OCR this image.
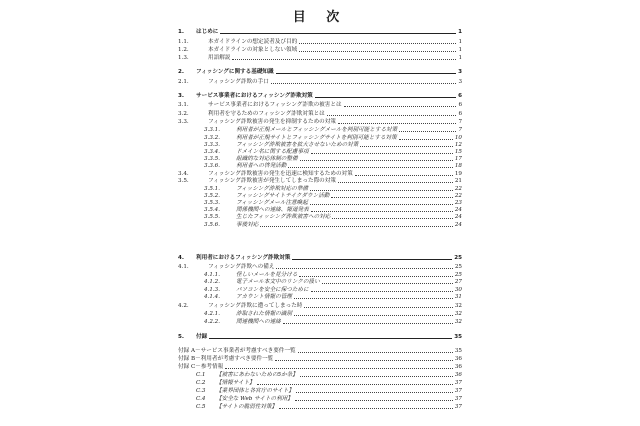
目 次
1.	はじめに	1
1.1.	本ガイドラインの想定読者及び目的	1
1.2.	本ガイドラインの対象としない領域	1
1.3.	用語解説	1
2.	フィッシングに関する基礎知識	3
2.1.	フィッシング詐欺の手口	3
3.	サービス事業者におけるフィッシング詐欺対策	6
3.1.	サービス事業者におけるフィッシング詐欺の被害とは	6
3.2.	利用者を守るためのフィッシング詐欺対策とは	6
3.3.	フィッシング詐欺被害の発生を抑制するための対策	7
3.3.1.	利用者が正規メールとフィッシングメールを判別可能とする対策	7
3.3.2.	利用者が正規サイトとフィッシングサイトを判別可能とする対策	10
3.3.3.	フィッシング詐欺被害を拡大させないための対策	12
3.3.4.	ドメイン名に関する配慮事項	15
3.3.5.	組織的な対応体制の整備	17
3.3.6.	利用者への啓発活動	18
3.4.	フィッシング詐欺被害の発生を迅速に検知するための対策	19
3.5.	フィッシング詐欺被害が発生してしまった際の対策	21
3.5.1.	フィッシング詐欺対応の準備	22
3.5.2.	フィッシングサイトテイクダウン活動	22
3.5.3.	フィッシングメール注意喚起	23
3.5.4.	関係機関への連絡、報道発表	24
3.5.5.	生じたフィッシング詐欺被害への対応	24
3.5.6.	事後対応	24
4.	利用者におけるフィッシング詐欺対策	25
4.1.	フィッシング詐欺への備え	25
4.1.1.	怪しいメールを見分ける	25
4.1.2.	電子メール本文中のリンクの扱い	27
4.1.3.	パソコンを安全に保つために	30
4.1.4.	アカウント情報の管理	31
4.2.	フィッシング詐欺に遭ってしまった時	32
4.2.1.	詐取された情報の識別	32
4.2.2.	関連機関への連絡	32
5.	付録	35
付録 A－サービス事業者が考慮すべき要件一覧	35
付録 B－利用者が考慮すべき要件一覧	36
付録 C－参考情報	36
C.1	【被害にあわないための5か条】	36
C.2	【情報サイト】	37
C.3	【業界団体と各官庁のサイト】	37
C.4	【安全な Web サイトの利用】	37
C.5	【サイトの脆弱性対策】	37
